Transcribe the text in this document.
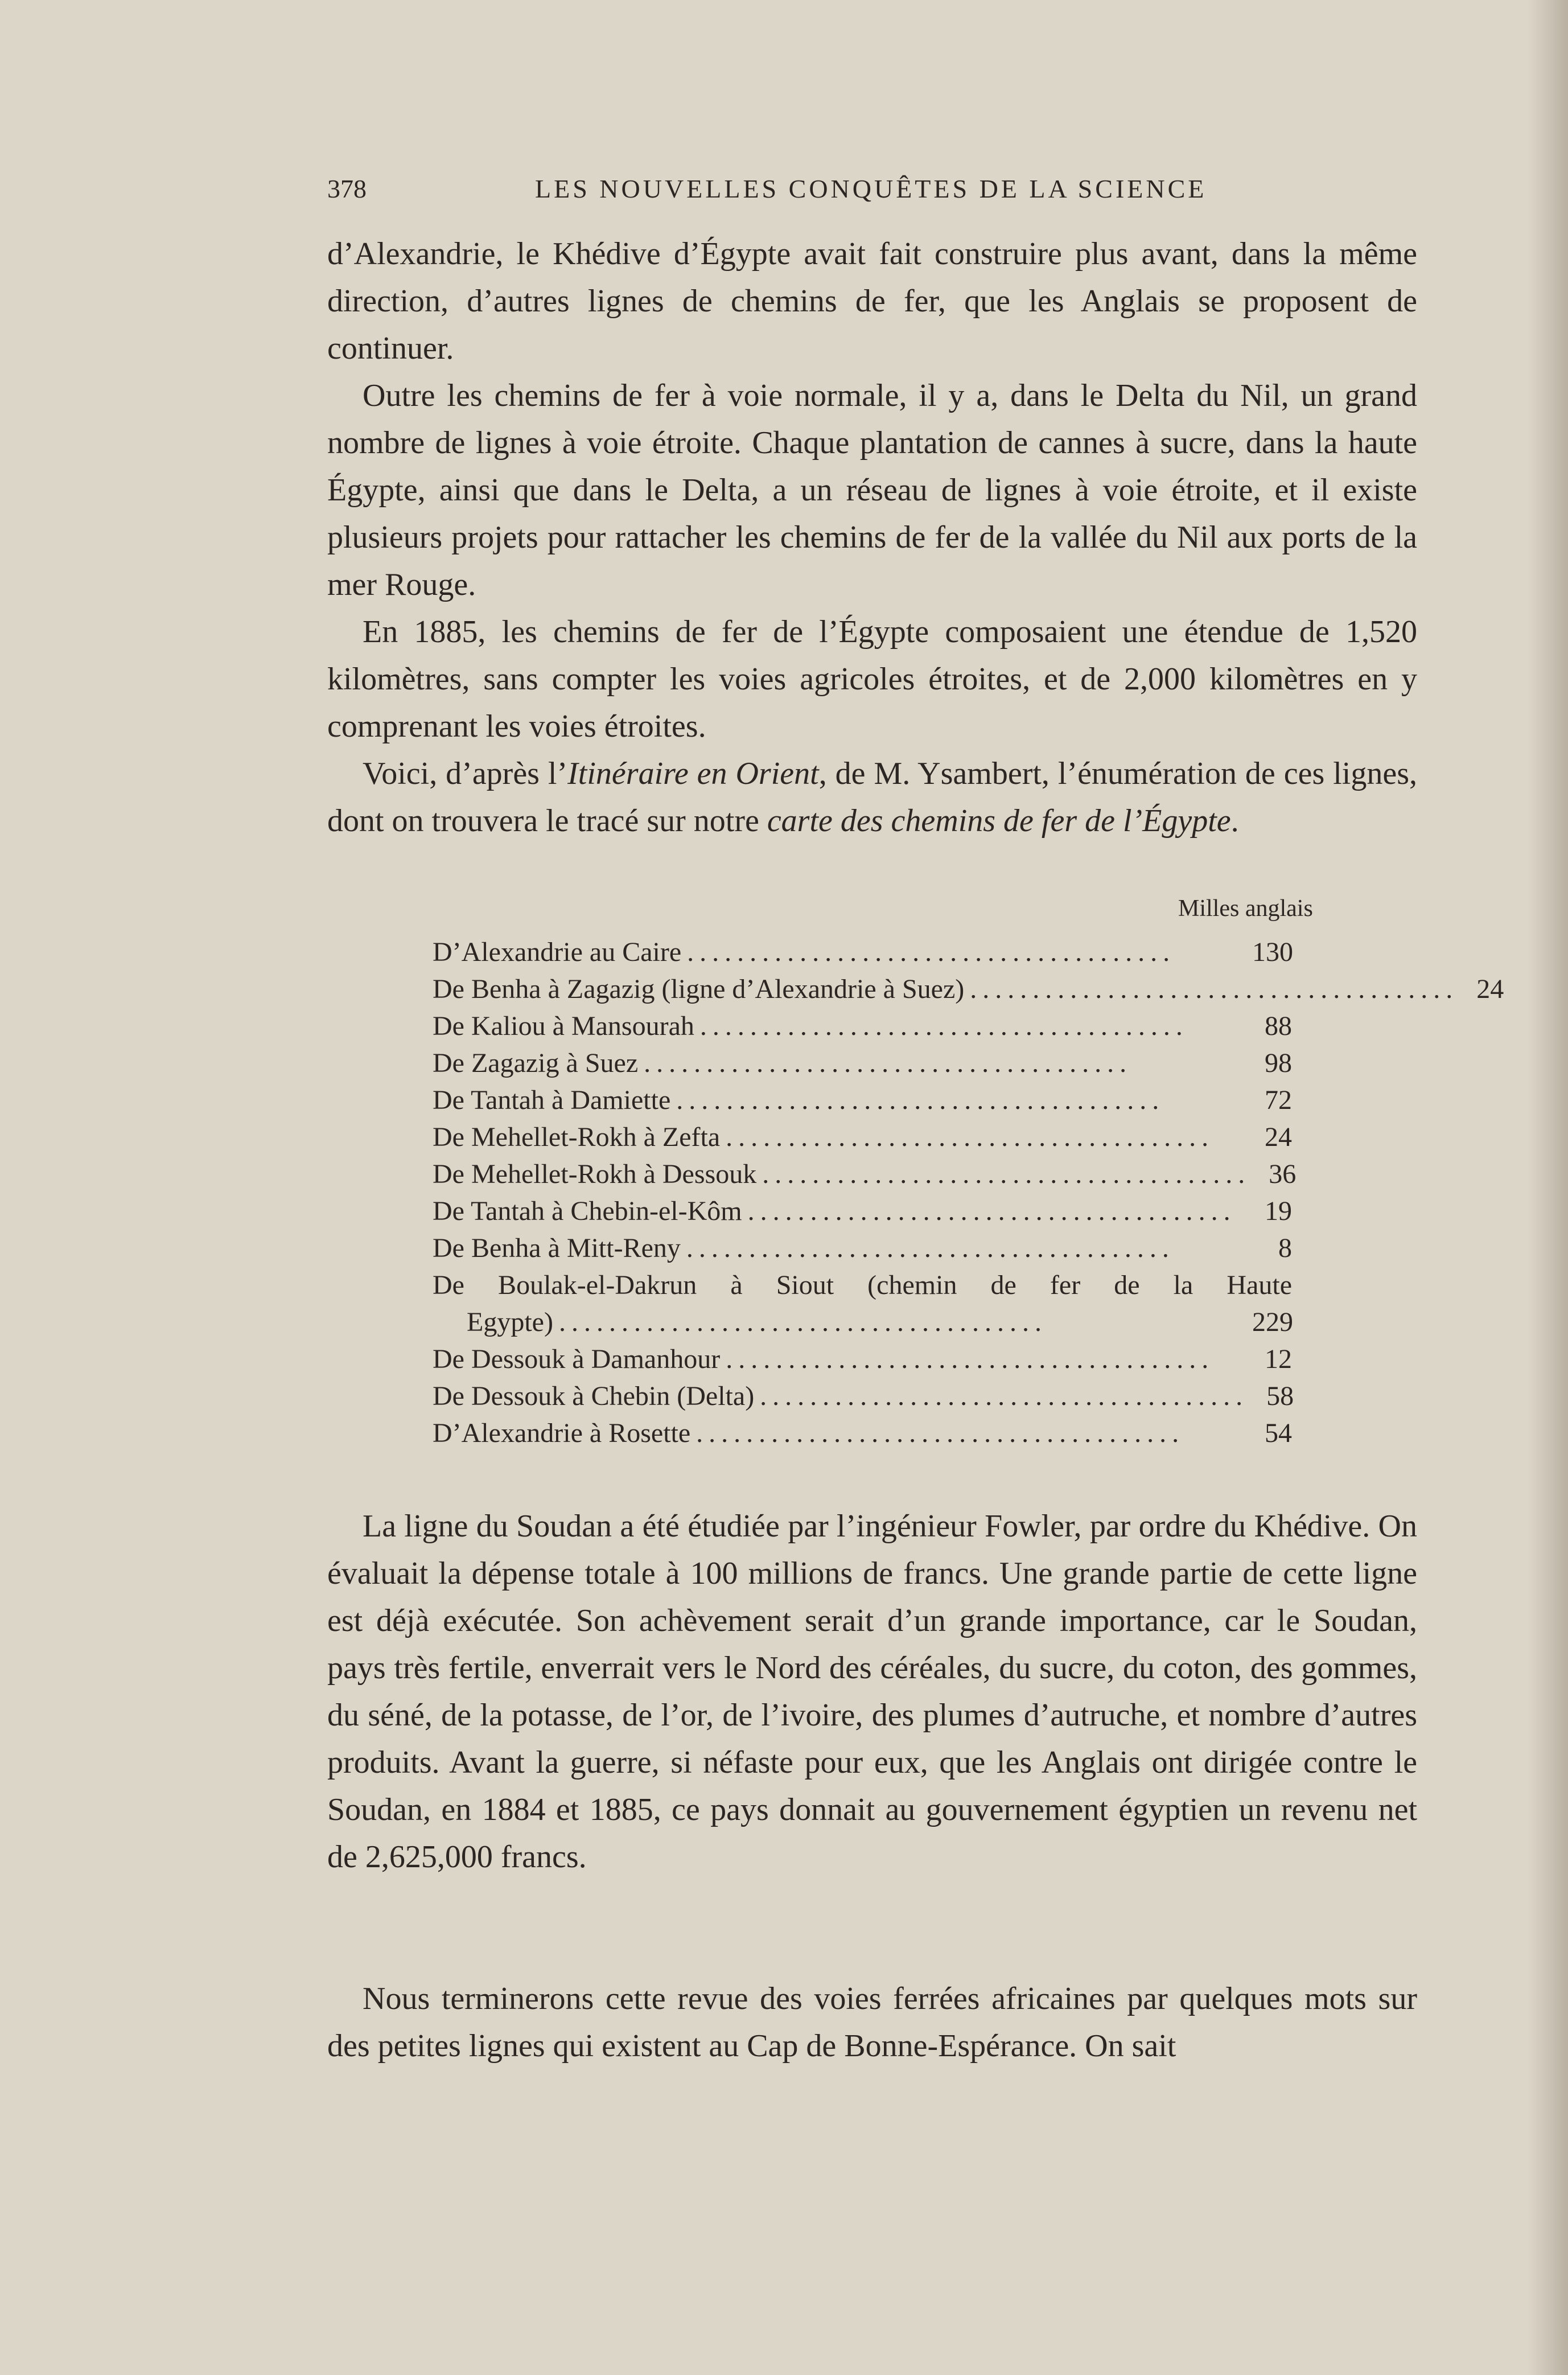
378	LES NOUVELLES CONQUÊTES DE LA SCIENCE

d’Alexandrie, le Khédive d’Égypte avait fait construire plus avant, dans la même direction, d’autres lignes de chemins de fer, que les Anglais se proposent de continuer.

Outre les chemins de fer à voie normale, il y a, dans le Delta du Nil, un grand nombre de lignes à voie étroite. Chaque plantation de cannes à sucre, dans la haute Égypte, ainsi que dans le Delta, a un réseau de lignes à voie étroite, et il existe plusieurs projets pour rattacher les chemins de fer de la vallée du Nil aux ports de la mer Rouge.

En 1885, les chemins de fer de l’Égypte composaient une étendue de 1,520 kilomètres, sans compter les voies agricoles étroites, et de 2,000 kilomètres en y comprenant les voies étroites.

Voici, d’après l’Itinéraire en Orient, de M. Ysambert, l’énumération de ces lignes, dont on trouvera le tracé sur notre carte des chemins de fer de l’Égypte.

Milles anglais
D’Alexandrie au Caire .......................................	130
De Benha à Zagazig (ligne d’Alexandrie à Suez) ....................................... 24
De Kaliou à Mansourah .......................................	88
De Zagazig à Suez .......................................	98
De Tantah à Damiette .......................................	72
De Mehellet-Rokh à Zefta .......................................	24
De Mehellet-Rokh à Dessouk ....................................... 36
De Tantah à Chebin-el-Kôm .......................................	19
De Benha à Mitt-Reny .......................................	8
De Boulak-el-Dakrun à Siout (chemin de fer de la Haute
Egypte) .......................................	229
De Dessouk à Damanhour .......................................	12
De Dessouk à Chebin (Delta) ....................................... 58
D’Alexandrie à Rosette .......................................	54

La ligne du Soudan a été étudiée par l’ingénieur Fowler, par ordre du Khédive. On évaluait la dépense totale à 100 millions de francs. Une grande partie de cette ligne est déjà exécutée. Son achèvement serait d’un grande importance, car le Soudan, pays très fertile, enverrait vers le Nord des céréales, du sucre, du coton, des gommes, du séné, de la potasse, de l’or, de l’ivoire, des plumes d’autruche, et nombre d’autres produits. Avant la guerre, si néfaste pour eux, que les Anglais ont dirigée contre le Soudan, en 1884 et 1885, ce pays donnait au gouvernement égyptien un revenu net de 2,625,000 francs.

Nous terminerons cette revue des voies ferrées africaines par quelques mots sur des petites lignes qui existent au Cap de Bonne-Espérance. On sait
